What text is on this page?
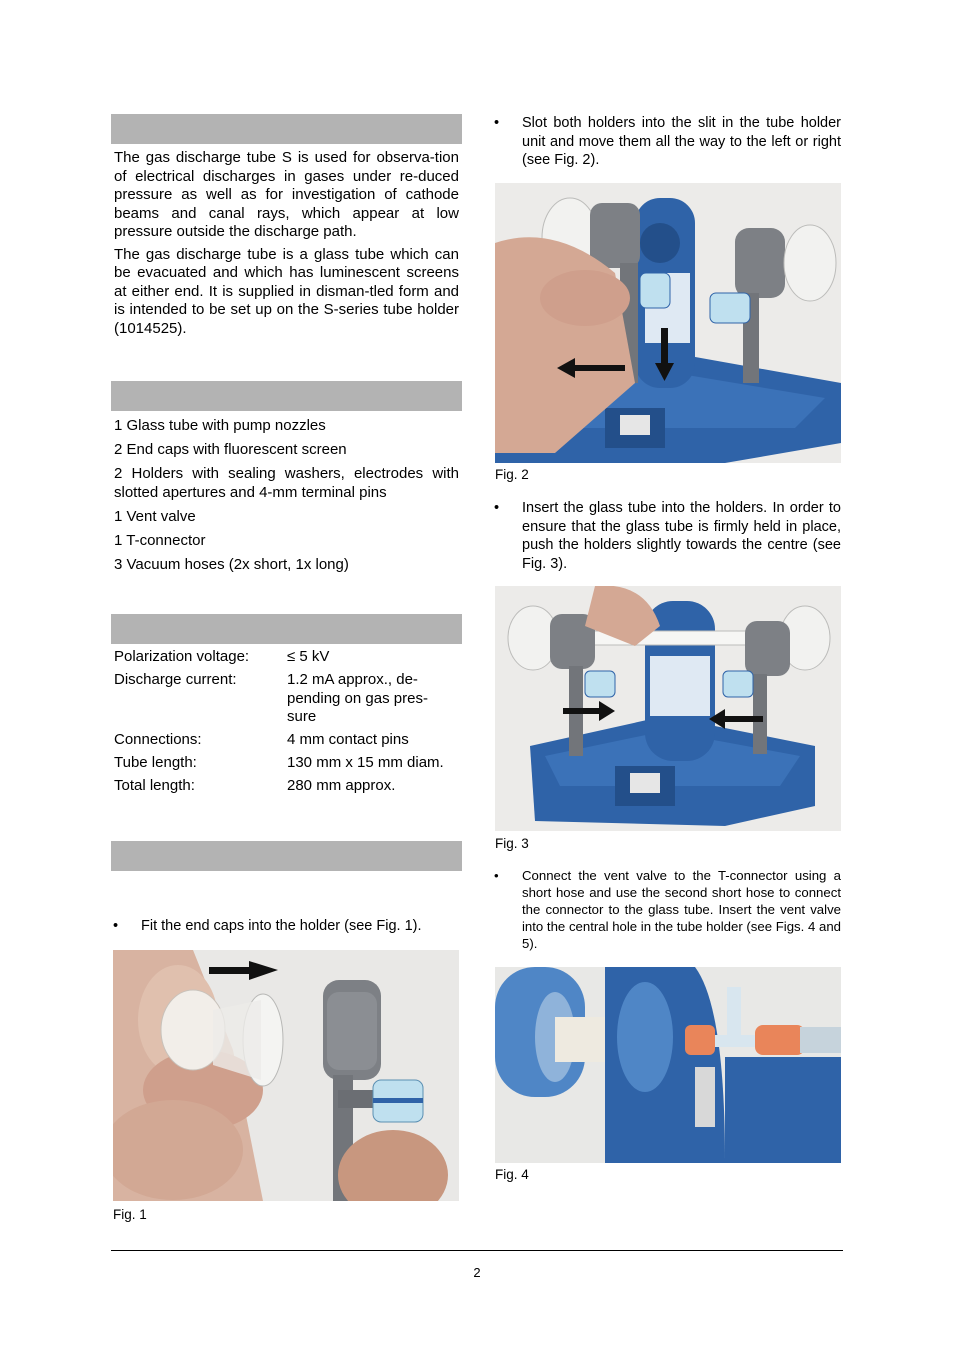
The gas discharge tube S is used for observa-tion of electrical discharges in gases under re-duced pressure as well as for investigation of cathode beams and canal rays, which appear at low pressure outside the discharge path.

The gas discharge tube is a glass tube which can be evacuated and which has luminescent screens at either end. It is supplied in disman-tled form and is intended to be set up on the S-series tube holder (1014525).

1 Glass tube with pump nozzles

2 End caps with fluorescent screen

2 Holders with sealing washers, electrodes with slotted apertures and 4-mm terminal pins

1 Vent valve

1 T-connector

3 Vacuum hoses (2x short, 1x long)

Polarization voltage:	≤ 5 kV
Discharge current:	1.2 mA approx., de-pending on gas pres-sure
Connections:	4 mm contact pins
Tube length:	130 mm x 15 mm diam.
Total length:	280 mm approx.
• Fit the end caps into the holder (see Fig. 1).
Fig. 1
• Slot both holders into the slit in the tube holder unit and move them all the way to the left or right (see Fig. 2).
Fig. 2
• Insert the glass tube into the holders. In order to ensure that the glass tube is firmly held in place, push the holders slightly towards the centre (see Fig. 3).
Fig. 3
• Connect the vent valve to the T-connector using a short hose and use the second short hose to connect the connector to the glass tube. Insert the vent valve into the central hole in the tube holder (see Figs. 4 and 5).
Fig. 4
2
